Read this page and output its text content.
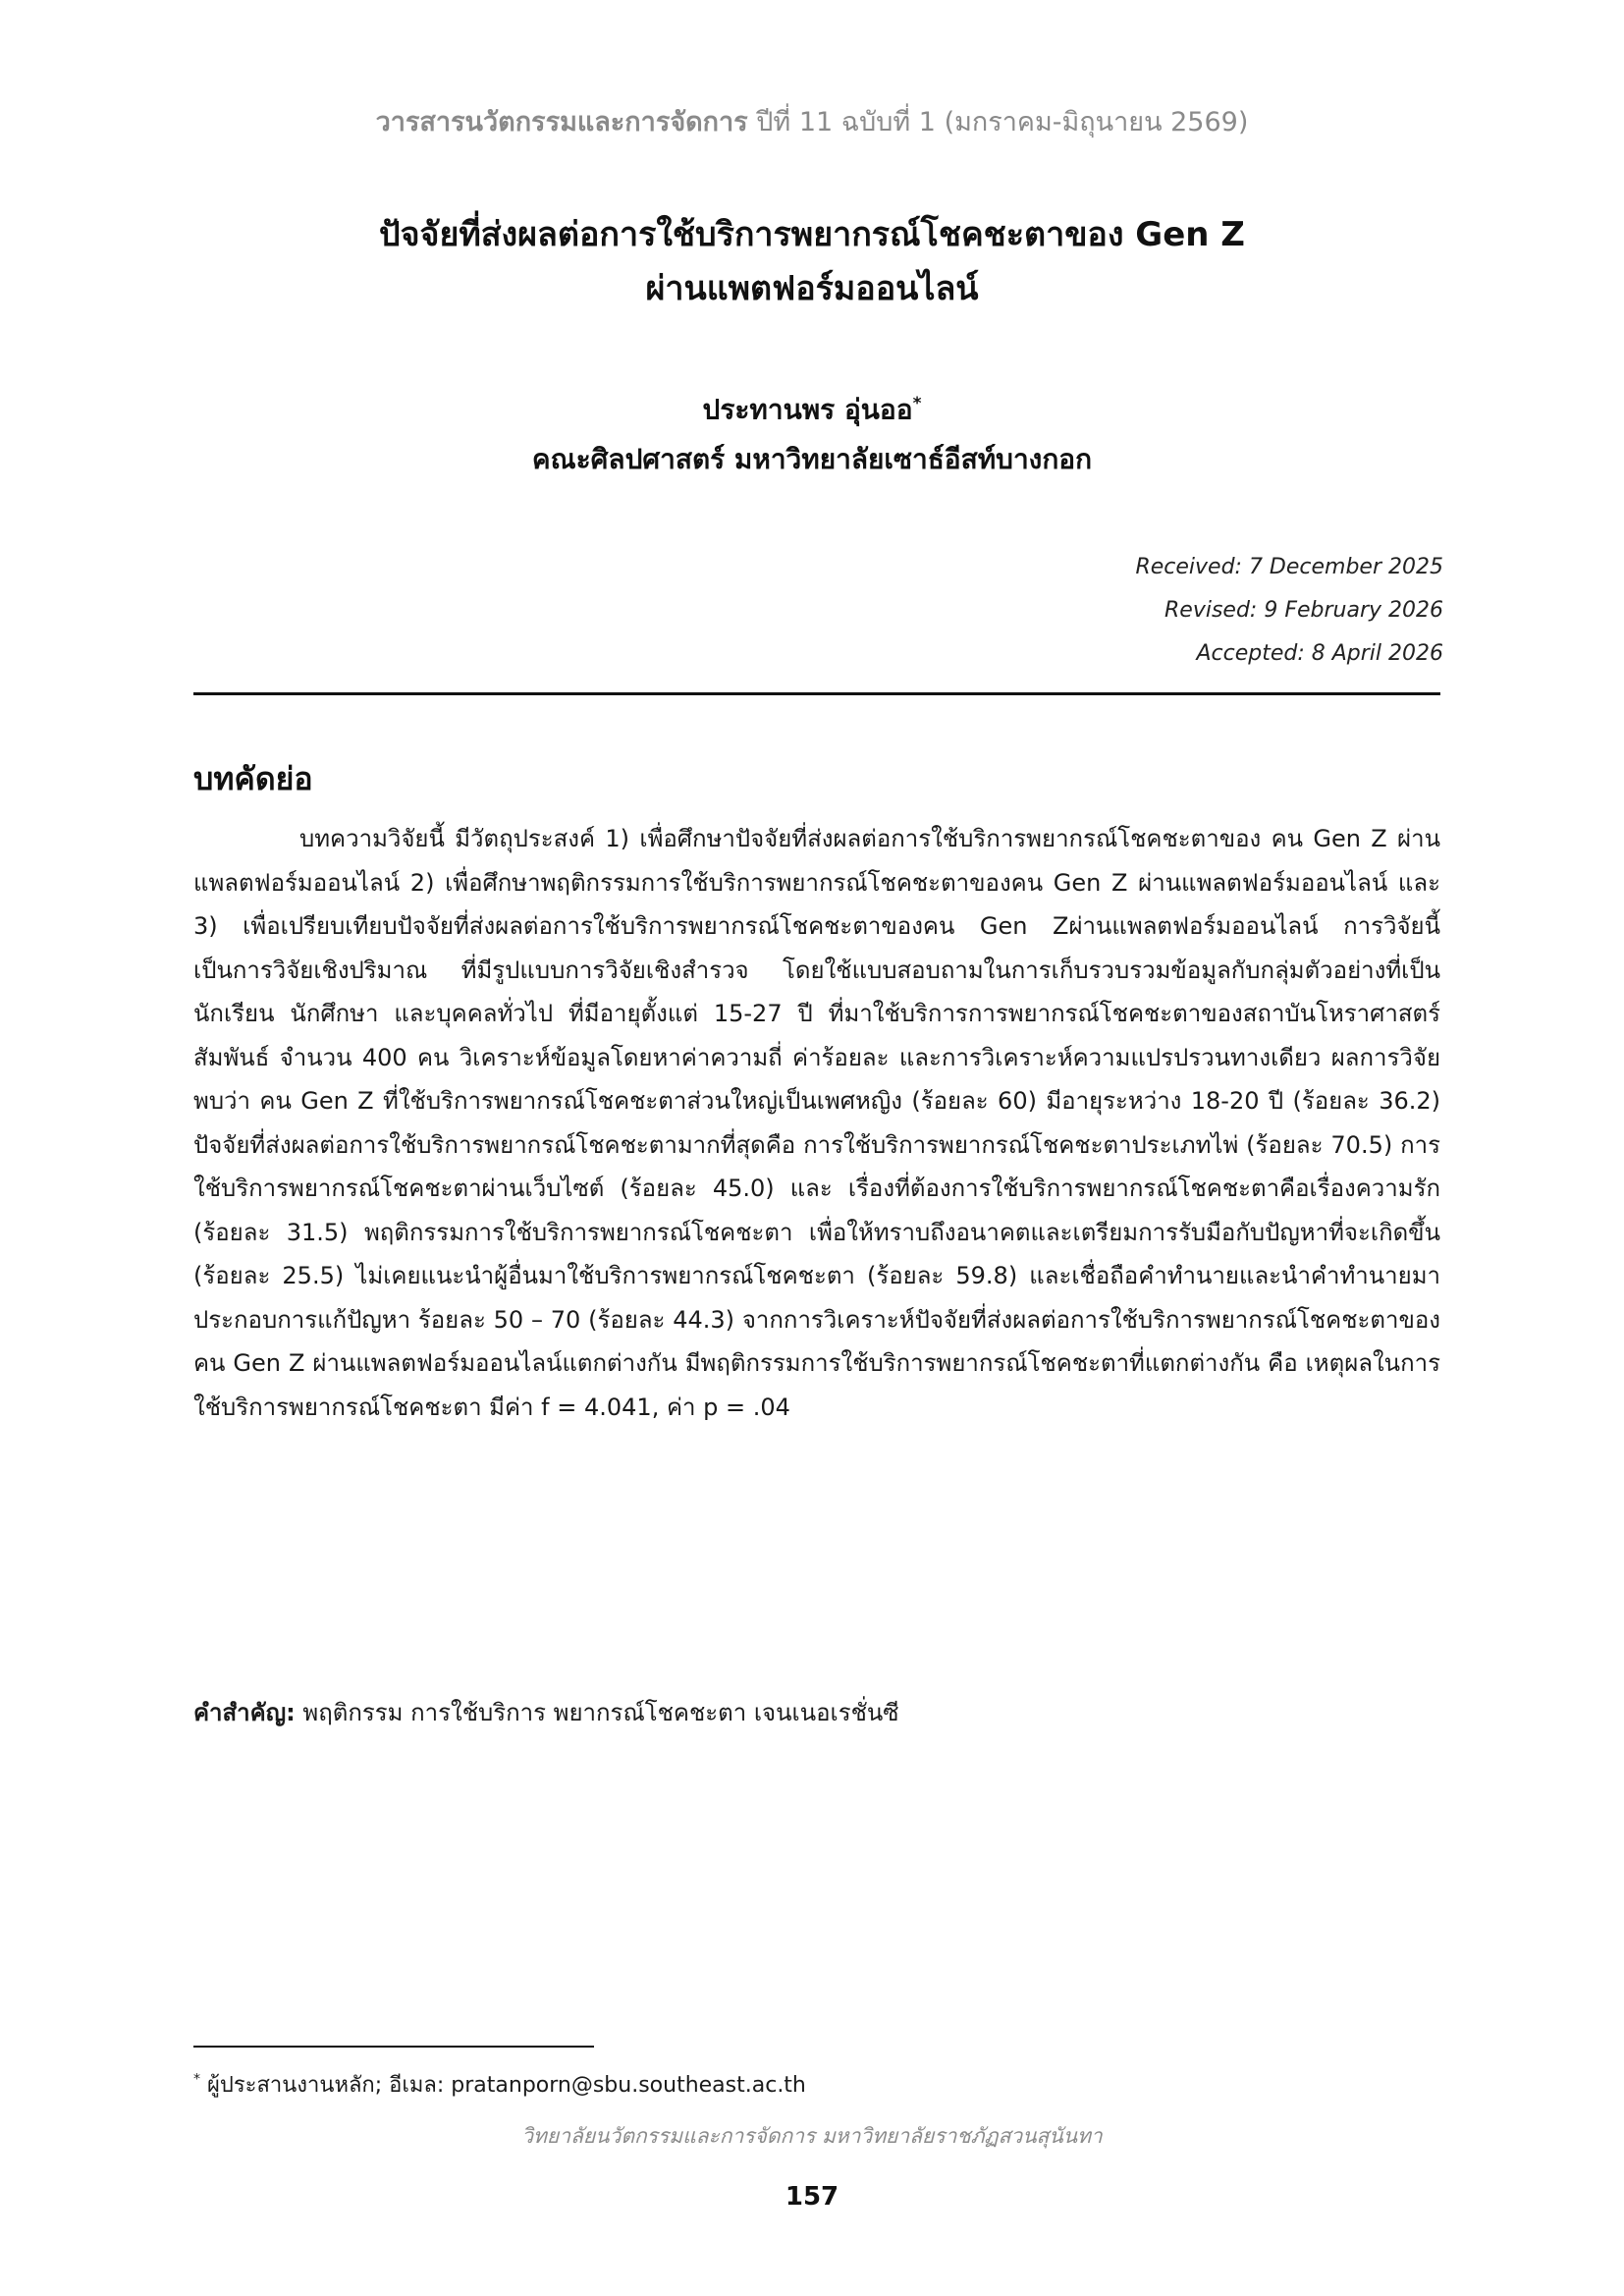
วารสารนวัตกรรมและการจัดการ ปีที่ 11 ฉบับที่ 1 (มกราคม-มิถุนายน 2569)
ปัจจัยที่ส่งผลต่อการใช้บริการพยากรณ์โชคชะตาของ Gen Z
ผ่านแพตฟอร์มออนไลน์
ประทานพร อุ่นออ*
คณะศิลปศาสตร์ มหาวิทยาลัยเซาธ์อีสท์บางกอก
Received: 7 December 2025
Revised: 9 February 2026
Accepted: 8 April 2026
บทคัดย่อ
บทความวิจัยนี้ มีวัตถุประสงค์ 1) เพื่อศึกษาปัจจัยที่ส่งผลต่อการใช้บริการพยากรณ์โชคชะตาของ คน Gen Z ผ่านแพลตฟอร์มออนไลน์ 2) เพื่อศึกษาพฤติกรรมการใช้บริการพยากรณ์โชคชะตาของคน Gen Z ผ่านแพลตฟอร์มออนไลน์ และ 3) เพื่อเปรียบเทียบปัจจัยที่ส่งผลต่อการใช้บริการพยากรณ์โชคชะตาของคน Gen Zผ่านแพลตฟอร์มออนไลน์ การวิจัยนี้เป็นการวิจัยเชิงปริมาณ ที่มีรูปแบบการวิจัยเชิงสำรวจ โดยใช้แบบสอบถามในการเก็บรวบรวมข้อมูลกับกลุ่มตัวอย่างที่เป็นนักเรียน นักศึกษา และบุคคลทั่วไป ที่มีอายุตั้งแต่ 15-27 ปี ที่มาใช้บริการการพยากรณ์โชคชะตาของสถาบันโหราศาสตร์สัมพันธ์ จำนวน 400 คน วิเคราะห์ข้อมูลโดยหาค่าความถี่ ค่าร้อยละ และการวิเคราะห์ความแปรปรวนทางเดียว ผลการวิจัยพบว่า คน Gen Z ที่ใช้บริการพยากรณ์โชคชะตาส่วนใหญ่เป็นเพศหญิง (ร้อยละ 60) มีอายุระหว่าง 18-20 ปี (ร้อยละ 36.2) ปัจจัยที่ส่งผลต่อการใช้บริการพยากรณ์โชคชะตามากที่สุดคือ การใช้บริการพยากรณ์โชคชะตาประเภทไพ่ (ร้อยละ 70.5) การใช้บริการพยากรณ์โชคชะตาผ่านเว็บไซต์ (ร้อยละ 45.0) และ เรื่องที่ต้องการใช้บริการพยากรณ์โชคชะตาคือเรื่องความรัก (ร้อยละ 31.5) พฤติกรรมการใช้บริการพยากรณ์โชคชะตา เพื่อให้ทราบถึงอนาคตและเตรียมการรับมือกับปัญหาที่จะเกิดขึ้น (ร้อยละ 25.5) ไม่เคยแนะนำผู้อื่นมาใช้บริการพยากรณ์โชคชะตา (ร้อยละ 59.8) และเชื่อถือคำทำนายและนำคำทำนายมาประกอบการแก้ปัญหา ร้อยละ 50 – 70 (ร้อยละ 44.3) จากการวิเคราะห์ปัจจัยที่ส่งผลต่อการใช้บริการพยากรณ์โชคชะตาของคน Gen Z ผ่านแพลตฟอร์มออนไลน์แตกต่างกัน มีพฤติกรรมการใช้บริการพยากรณ์โชคชะตาที่แตกต่างกัน คือ เหตุผลในการใช้บริการพยากรณ์โชคชะตา มีค่า f = 4.041, ค่า p = .04
คำสำคัญ: พฤติกรรม การใช้บริการ พยากรณ์โชคชะตา เจนเนอเรชั่นซี
* ผู้ประสานงานหลัก; อีเมล: pratanporn@sbu.southeast.ac.th
วิทยาลัยนวัตกรรมและการจัดการ มหาวิทยาลัยราชภัฏสวนสุนันทา
157
